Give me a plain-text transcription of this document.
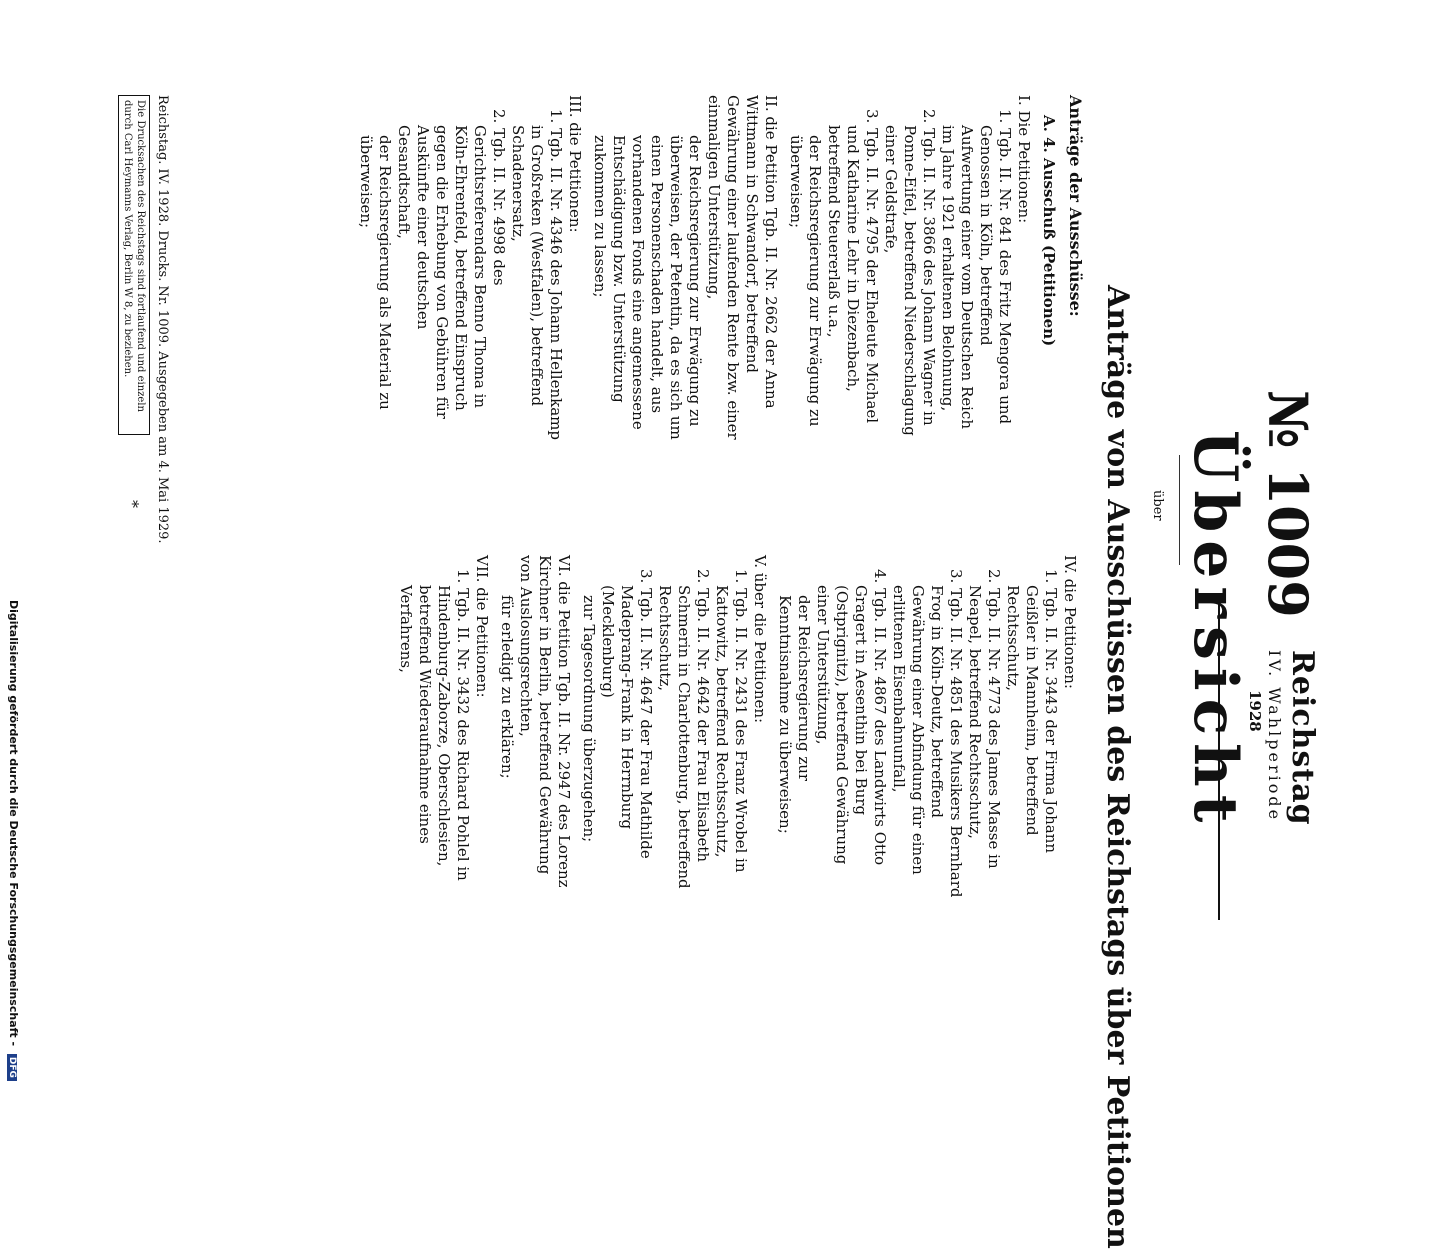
Reichstag
IV. Wahlperiode
1928
№ 1009
Übersicht
über
Anträge von Ausschüssen des Reichstags über Petitionen

Anträge der Ausschüsse:

A. 4. Ausschuß (Petitionen)

I. Die Petitionen:

1. Tgb. II. Nr. 841 des Fritz Mengora und Genossen in Köln, betreffend Aufwertung einer vom Deutschen Reich im Jahre 1921 erhaltenen Belohnung,

2. Tgb. II. Nr. 3866 des Johann Wagner in Ponne-Eifel, betreffend Niederschlagung einer Geldstrafe,

3. Tgb. II. Nr. 4795 der Eheleute Michael und Katharine Lehr in Diezenbach, betreffend Steuererlaß u.a.,

der Reichsregierung zur Erwägung zu überweisen;

II. die Petition Tgb. II. Nr. 2662 der Anna Wittmann in Schwandorf, betreffend Gewährung einer laufenden Rente bzw. einer einmaligen Unterstützung,

der Reichsregierung zur Erwägung zu überweisen, der Petentin, da es sich um einen Personenschaden handelt, aus vorhandenen Fonds eine angemessene Entschädigung bzw. Unterstützung zukommen zu lassen;

III. die Petitionen:

1. Tgb. II. Nr. 4346 des Johann Hellenkamp in Großreken (Westfalen), betreffend Schadenersatz,

2. Tgb. II. Nr. 4998 des Gerichtsreferendars Benno Thoma in Köln-Ehrenfeld, betreffend Einspruch gegen die Erhebung von Gebühren für Auskünfte einer deutschen Gesandtschaft,

der Reichsregierung als Material zu überweisen;

IV. die Petitionen:

1. Tgb. II. Nr. 3443 der Firma Johann Geißler in Mannheim, betreffend Rechtsschutz,

2. Tgb. II. Nr. 4773 des James Masse in Neapel, betreffend Rechtsschutz,

3. Tgb. II. Nr. 4851 des Musikers Bernhard Frog in Köln-Deutz, betreffend Gewährung einer Abfindung für einen erlittenen Eisenbahnunfall,

4. Tgb. II. Nr. 4867 des Landwirts Otto Gragert in Aesenthin bei Burg (Ostprignitz), betreffend Gewährung einer Unterstützung,

der Reichsregierung zur Kenntnisnahme zu überweisen;

V. über die Petitionen:

1. Tgb. II. Nr. 2431 des Franz Wrobel in Kattowitz, betreffend Rechtsschutz,

2. Tgb. II. Nr. 4642 der Frau Elisabeth Schmerin in Charlottenburg, betreffend Rechtsschutz,

3. Tgb. II. Nr. 4647 der Frau Mathilde Madeprang-Frank in Herrnburg (Mecklenburg)

zur Tagesordnung überzugehen;

VI. die Petition Tgb. II. Nr. 2947 des Lorenz Kirchner in Berlin, betreffend Gewährung von Auslosungsrechten,

für erledigt zu erklären;

VII. die Petitionen:

1. Tgb. II. Nr. 3432 des Richard Pohlel in Hindenburg-Zaborze, Oberschlesien, betreffend Wiederaufnahme eines Verfahrens,

Reichstag. IV. 1928. Drucks. Nr. 1009. Ausgegeben am 4. Mai 1929.
Die Drucksachen des Reichstags sind fortlaufend und einzeln durch Carl Heymanns Verlag, Berlin W 8, zu beziehen.
*
Digitalisierung gefördert durch die Deutsche Forschungsgemeinschaft - DFG
